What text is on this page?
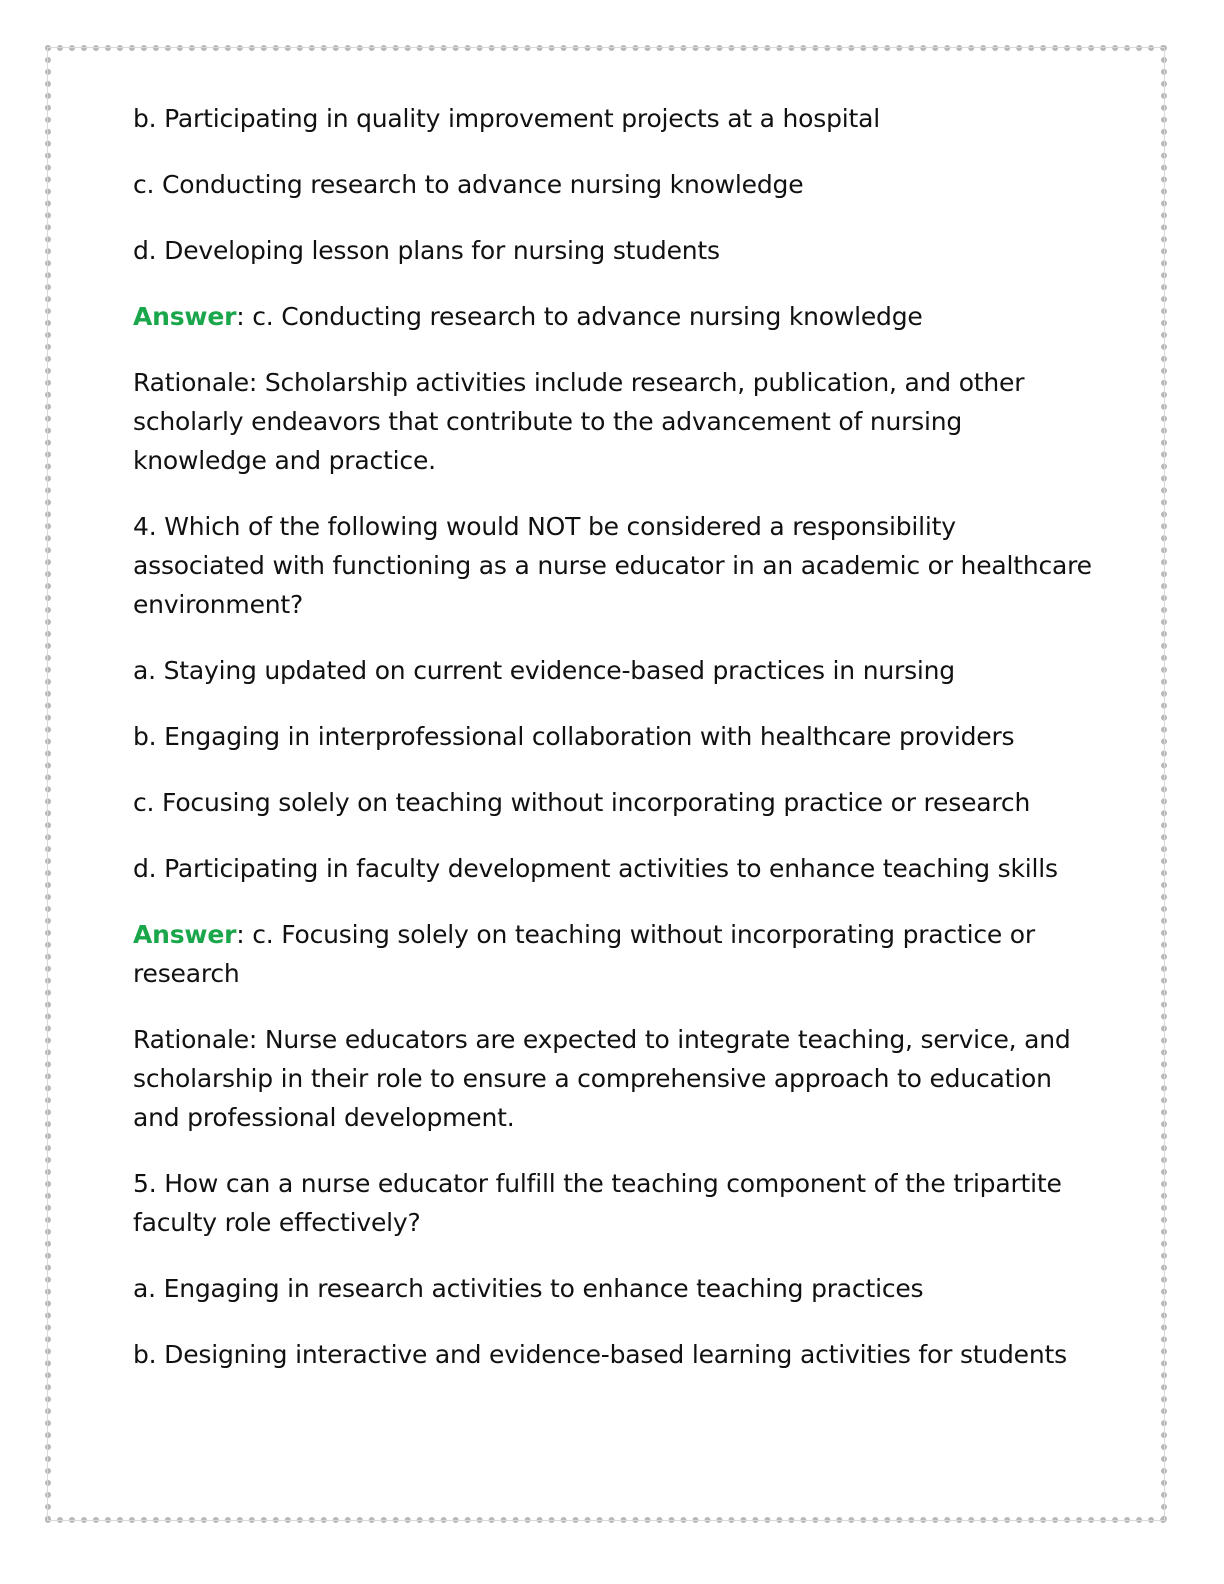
b. Participating in quality improvement projects at a hospital

c. Conducting research to advance nursing knowledge

d. Developing lesson plans for nursing students

Answer: c. Conducting research to advance nursing knowledge

Rationale: Scholarship activities include research, publication, and other scholarly endeavors that contribute to the advancement of nursing knowledge and practice.

4. Which of the following would NOT be considered a responsibility associated with functioning as a nurse educator in an academic or healthcare environment?

a. Staying updated on current evidence-based practices in nursing

b. Engaging in interprofessional collaboration with healthcare providers

c. Focusing solely on teaching without incorporating practice or research

d. Participating in faculty development activities to enhance teaching skills

Answer: c. Focusing solely on teaching without incorporating practice or research

Rationale: Nurse educators are expected to integrate teaching, service, and scholarship in their role to ensure a comprehensive approach to education and professional development.

5. How can a nurse educator fulfill the teaching component of the tripartite faculty role effectively?

a. Engaging in research activities to enhance teaching practices

b. Designing interactive and evidence-based learning activities for students
